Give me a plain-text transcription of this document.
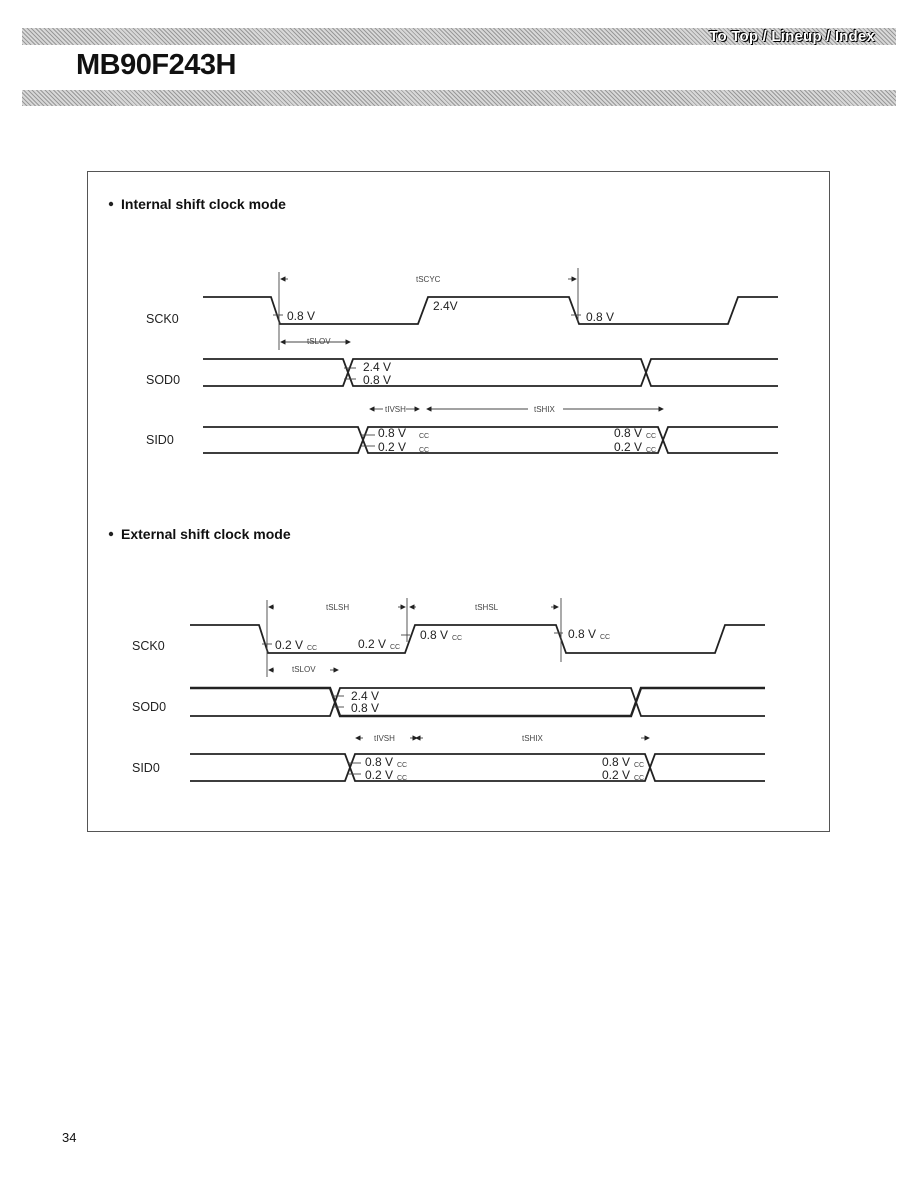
To Top / Lineup / Index
MB90F243H
Internal shift clock mode
SCK0
SOD0
SID0
tSCYC
tSLOV
tIVSH	tSHIX
0.8 V
2.4V
0.8 V
2.4 V
0.8 V
0.8 V CC
0.2 V CC
0.8 V CC
0.2 V CC
External shift clock mode
SCK0
SOD0
SID0
tSLSH	tSHSL
tSLOV
tIVSH	tSHIX
0.2 V CC	0.2 V CC
0.8 V CC	0.8 V CC
2.4 V
0.8 V
0.8 V CC
0.2 V CC
0.8 V CC
0.2 V CC
34
